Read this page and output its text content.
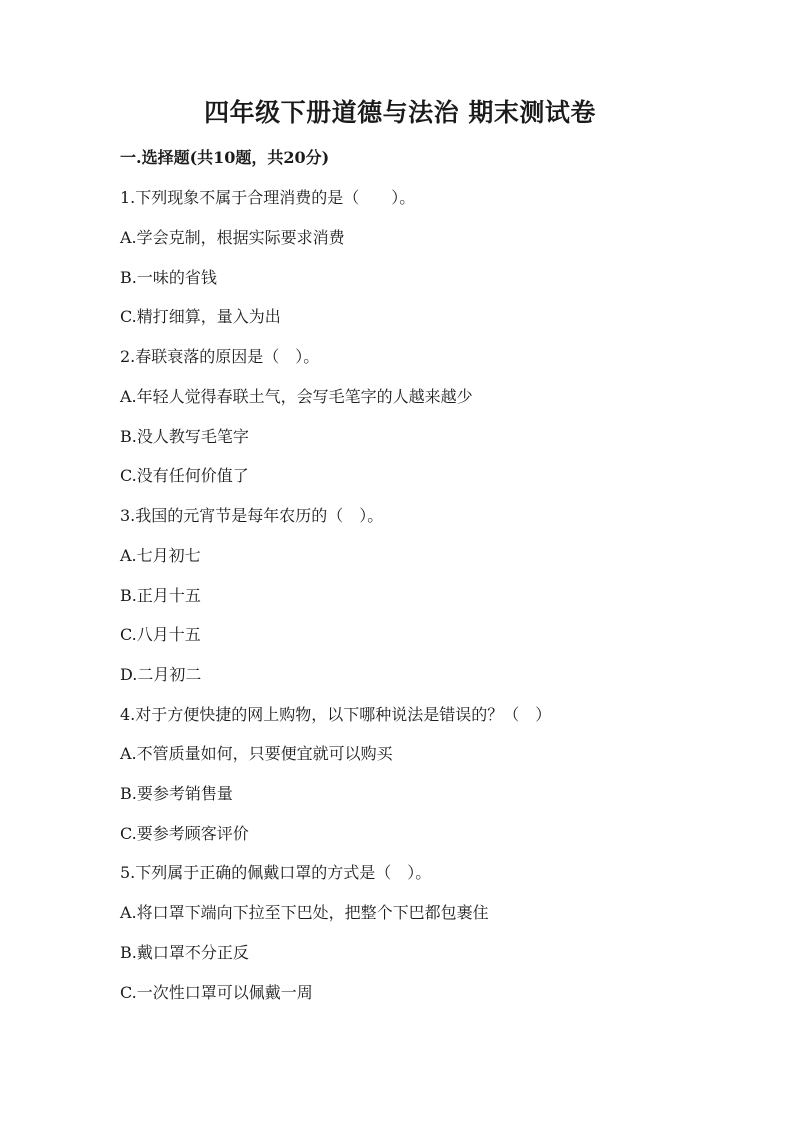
四年级下册道德与法治 期末测试卷
一.选择题(共10题，共20分)
1.下列现象不属于合理消费的是（　　）。
A.学会克制，根据实际要求消费
B.一味的省钱
C.精打细算，量入为出
2.春联衰落的原因是（　）。
A.年轻人觉得春联土气，会写毛笔字的人越来越少
B.没人教写毛笔字
C.没有任何价值了
3.我国的元宵节是每年农历的（　）。
A.七月初七
B.正月十五
C.八月十五
D.二月初二
4.对于方便快捷的网上购物，以下哪种说法是错误的？（　）
A.不管质量如何，只要便宜就可以购买
B.要参考销售量
C.要参考顾客评价
5.下列属于正确的佩戴口罩的方式是（　）。
A.将口罩下端向下拉至下巴处，把整个下巴都包裹住
B.戴口罩不分正反
C.一次性口罩可以佩戴一周
